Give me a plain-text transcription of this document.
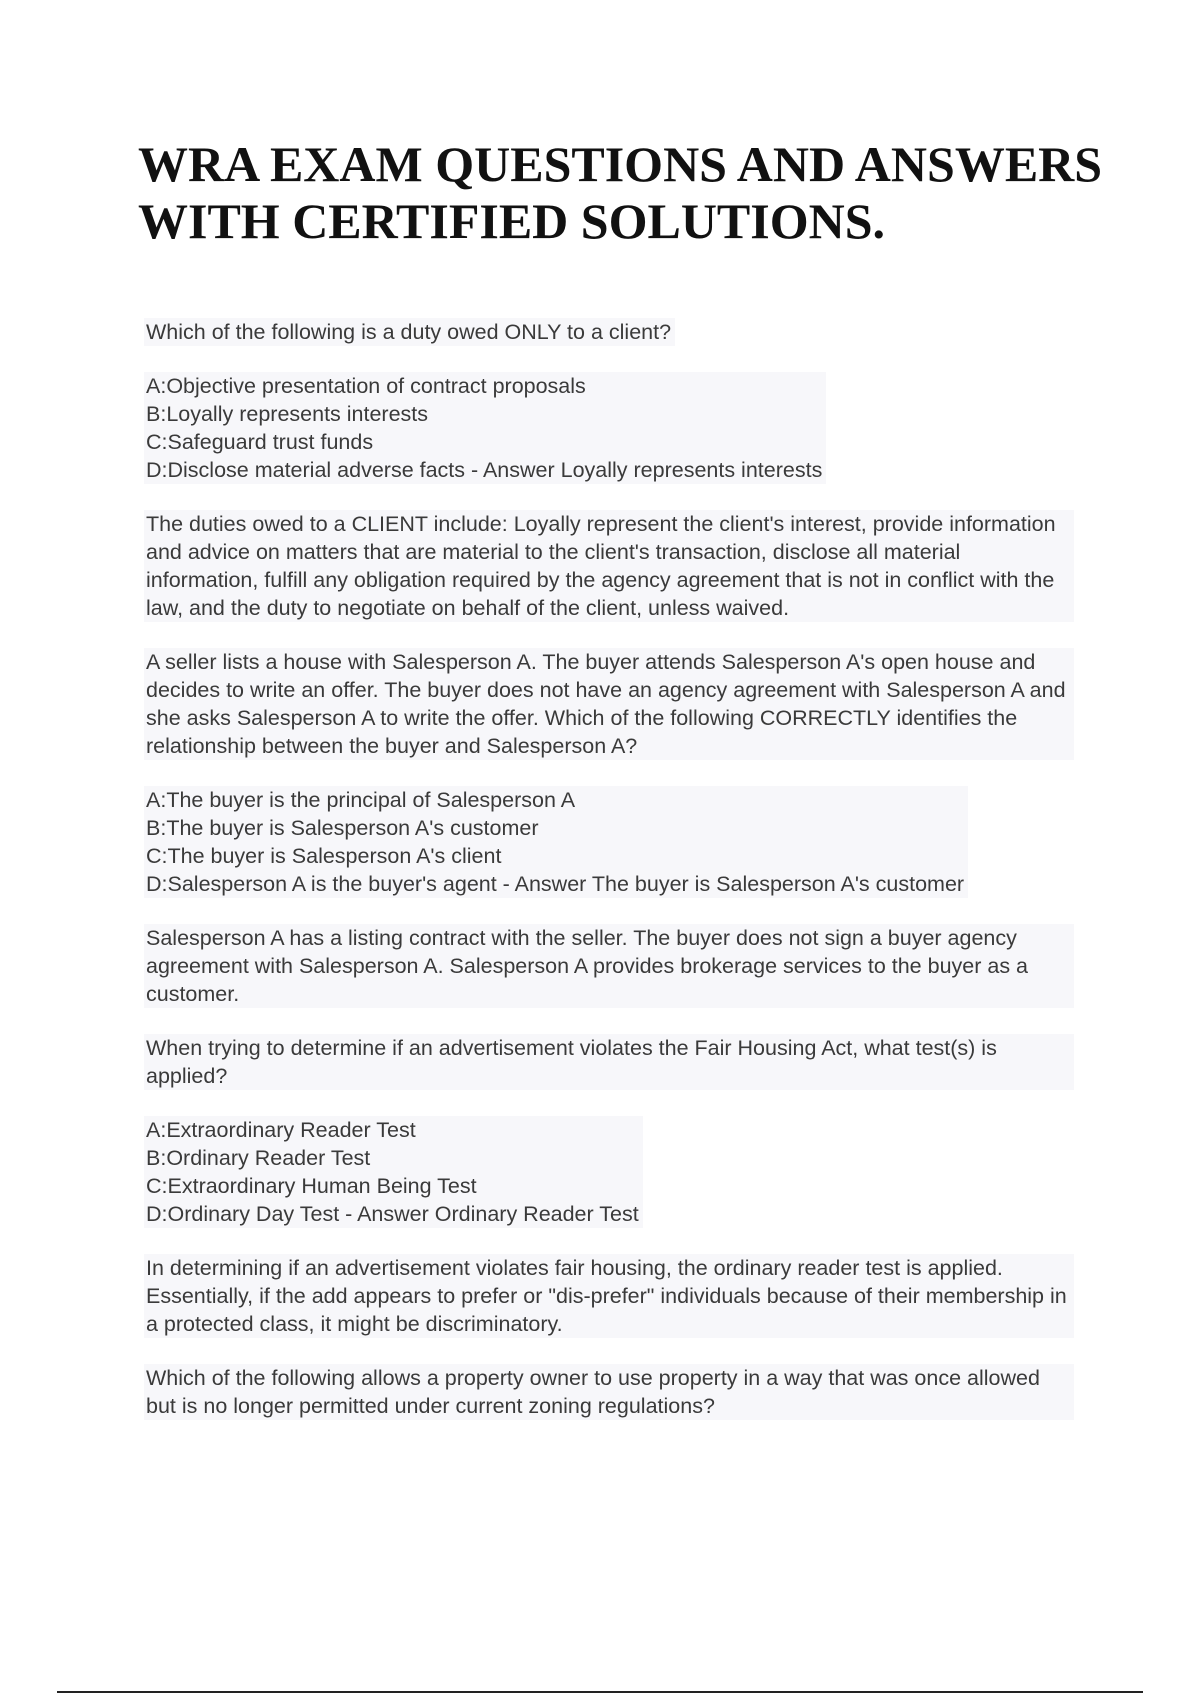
WRA EXAM QUESTIONS AND ANSWERS
WITH CERTIFIED SOLUTIONS.

Which of the following is a duty owed ONLY to a client?

A:Objective presentation of contract proposals
B:Loyally represents interests
C:Safeguard trust funds
D:Disclose material adverse facts - Answer Loyally represents interests

The duties owed to a CLIENT include: Loyally represent the client's interest, provide information and advice on matters that are material to the client's transaction, disclose all material information, fulfill any obligation required by the agency agreement that is not in conflict with the law, and the duty to negotiate on behalf of the client, unless waived.

A seller lists a house with Salesperson A. The buyer attends Salesperson A's open house and decides to write an offer. The buyer does not have an agency agreement with Salesperson A and she asks Salesperson A to write the offer. Which of the following CORRECTLY identifies the relationship between the buyer and Salesperson A?

A:The buyer is the principal of Salesperson A
B:The buyer is Salesperson A's customer
C:The buyer is Salesperson A's client
D:Salesperson A is the buyer's agent - Answer The buyer is Salesperson A's customer

Salesperson A has a listing contract with the seller. The buyer does not sign a buyer agency agreement with Salesperson A. Salesperson A provides brokerage services to the buyer as a customer.

When trying to determine if an advertisement violates the Fair Housing Act, what test(s) is applied?

A:Extraordinary Reader Test
B:Ordinary Reader Test
C:Extraordinary Human Being Test
D:Ordinary Day Test - Answer Ordinary Reader Test

In determining if an advertisement violates fair housing, the ordinary reader test is applied. Essentially, if the add appears to prefer or "dis-prefer" individuals because of their membership in a protected class, it might be discriminatory.

Which of the following allows a property owner to use property in a way that was once allowed but is no longer permitted under current zoning regulations?
